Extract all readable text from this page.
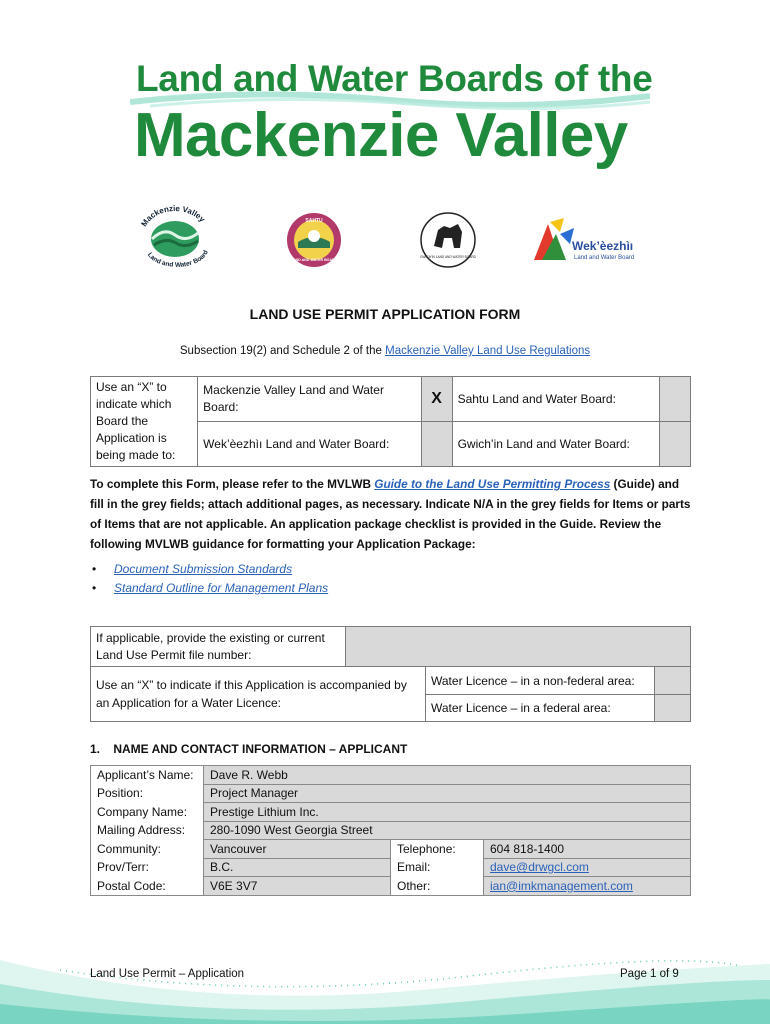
Land and Water Boards of the
Mackenzie Valley
Mackenzie Valley
Land and Water Board
SAHTU
LAND AND WATER BOARD
GWICH'IN LAND AND WATER BOARD
Wek’èezhìı
Land and Water Board
LAND USE PERMIT APPLICATION FORM
Subsection 19(2) and Schedule 2 of the Mackenzie Valley Land Use Regulations
Use an “X” to indicate which Board the Application is being made to:	Mackenzie Valley Land and Water Board:	X	Sahtu Land and Water Board:	
	Wek’èezhìı Land and Water Board:		Gwich’in Land and Water Board:	
To complete this Form, please refer to the MVLWB Guide to the Land Use Permitting Process (Guide) and fill in the grey fields; attach additional pages, as necessary. Indicate N/A in the grey fields for Items or parts of Items that are not applicable. An application package checklist is provided in the Guide. Review the following MVLWB guidance for formatting your Application Package:
• Document Submission Standards
• Standard Outline for Management Plans
If applicable, provide the existing or current Land Use Permit file number:	
Use an “X” to indicate if this Application is accompanied by an Application for a Water Licence:	Water Licence – in a non-federal area:	
	Water Licence – in a federal area:	
1.    NAME AND CONTACT INFORMATION – APPLICANT
Applicant’s Name:	Dave R. Webb		
Position:	Project Manager		
Company Name:	Prestige Lithium Inc.		
Mailing Address:	280-1090 West Georgia Street		
Community:	Vancouver	Telephone:	604 818-1400
Prov/Terr:	B.C.	Email:	dave@drwgcl.com
Postal Code:	V6E 3V7	Other:	ian@imkmanagement.com
Land Use Permit – Application	Page 1 of 9
